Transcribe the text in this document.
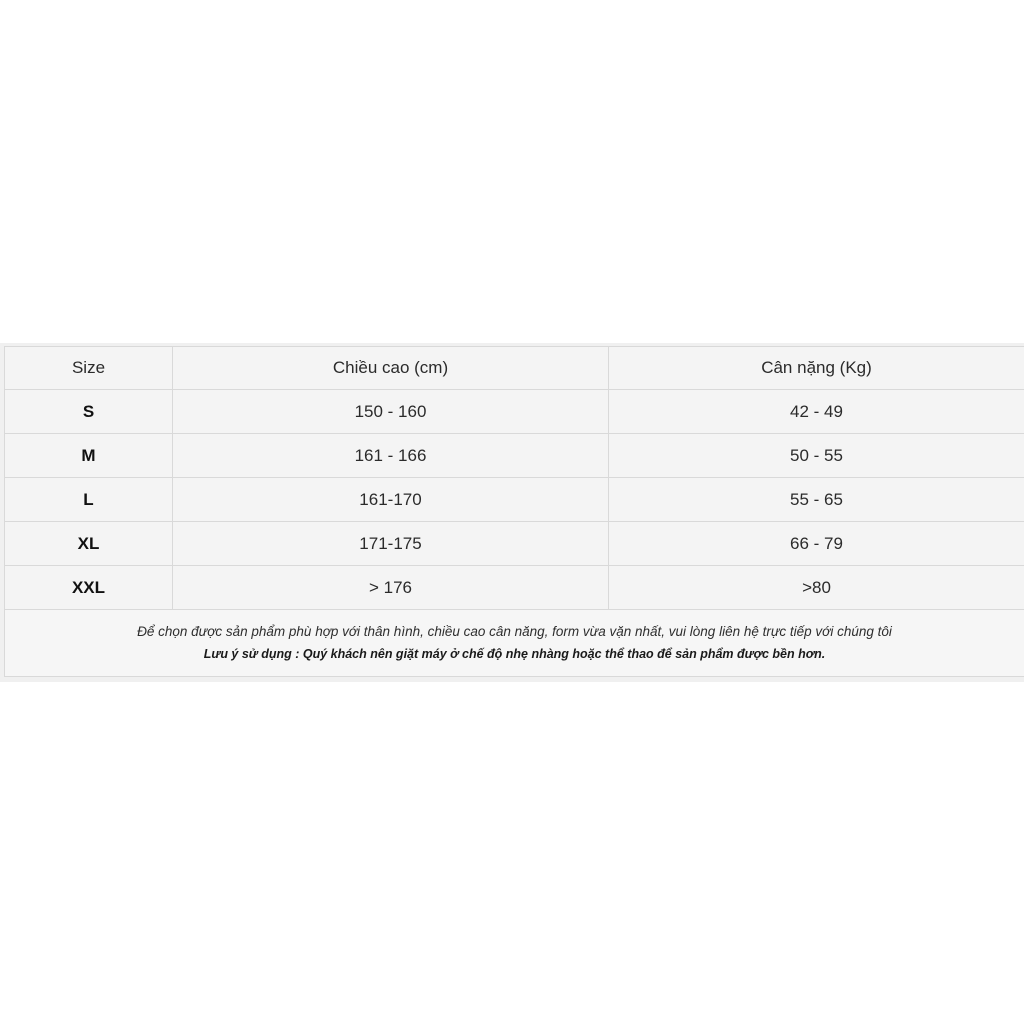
Size	Chiều cao (cm)	Cân nặng (Kg)
S	150 - 160	42 - 49
M	161 - 166	50 - 55
L	161-170	55 - 65
XL	171-175	66 - 79
XXL	> 176	>80

Để chọn được sản phẩm phù hợp với thân hình, chiều cao cân năng, form vừa vặn nhất, vui lòng liên hệ trực tiếp với chúng tôi
Lưu ý sử dụng : Quý khách nên giặt máy ở chế độ nhẹ nhàng hoặc thể thao để sản phẩm được bền hơn.		
